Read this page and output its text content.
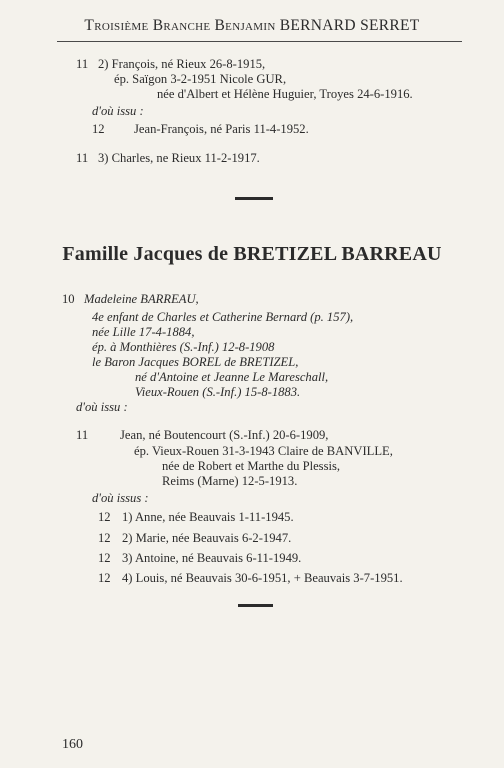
Troisième Branche Benjamin BERNARD SERRET
11 2) François, né Rieux 26-8-1915,
ép. Saïgon 3-2-1951 Nicole GUR,
née d'Albert et Hélène Huguier, Troyes 24-6-1916.
d'où issu :
12 Jean-François, né Paris 11-4-1952.
11 3) Charles, ne Rieux 11-2-1917.
Famille Jacques de BRETIZEL BARREAU
10 Madeleine BARREAU,
4e enfant de Charles et Catherine Bernard (p. 157),
née Lille 17-4-1884,
ép. à Monthières (S.-Inf.) 12-8-1908
le Baron Jacques BOREL de BRETIZEL,
né d'Antoine et Jeanne Le Mareschall,
Vieux-Rouen (S.-Inf.) 15-8-1883.
d'où issu :
11	Jean, né Boutencourt (S.-Inf.) 20-6-1909,
ép. Vieux-Rouen 31-3-1943 Claire de BANVILLE,
née de Robert et Marthe du Plessis,
Reims (Marne) 12-5-1913.
d'où issus :
12 1) Anne, née Beauvais 1-11-1945.
12 2) Marie, née Beauvais 6-2-1947.
12 3) Antoine, né Beauvais 6-11-1949.
12 4) Louis, né Beauvais 30-6-1951, + Beauvais 3-7-1951.
160
